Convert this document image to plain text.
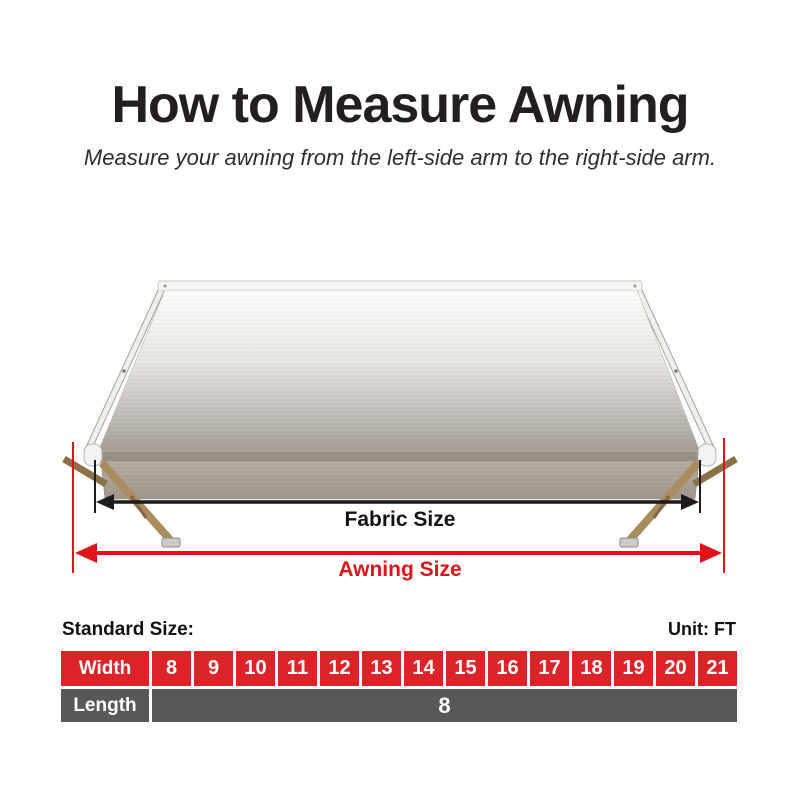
How to Measure Awning
Measure your awning from the left-side arm to the right-side arm.
Fabric Size
Awning Size
Standard Size:	Unit: FT
Width	8	9	10	11	12 13 14 15 16 17 18 19 20 21
Length	8
